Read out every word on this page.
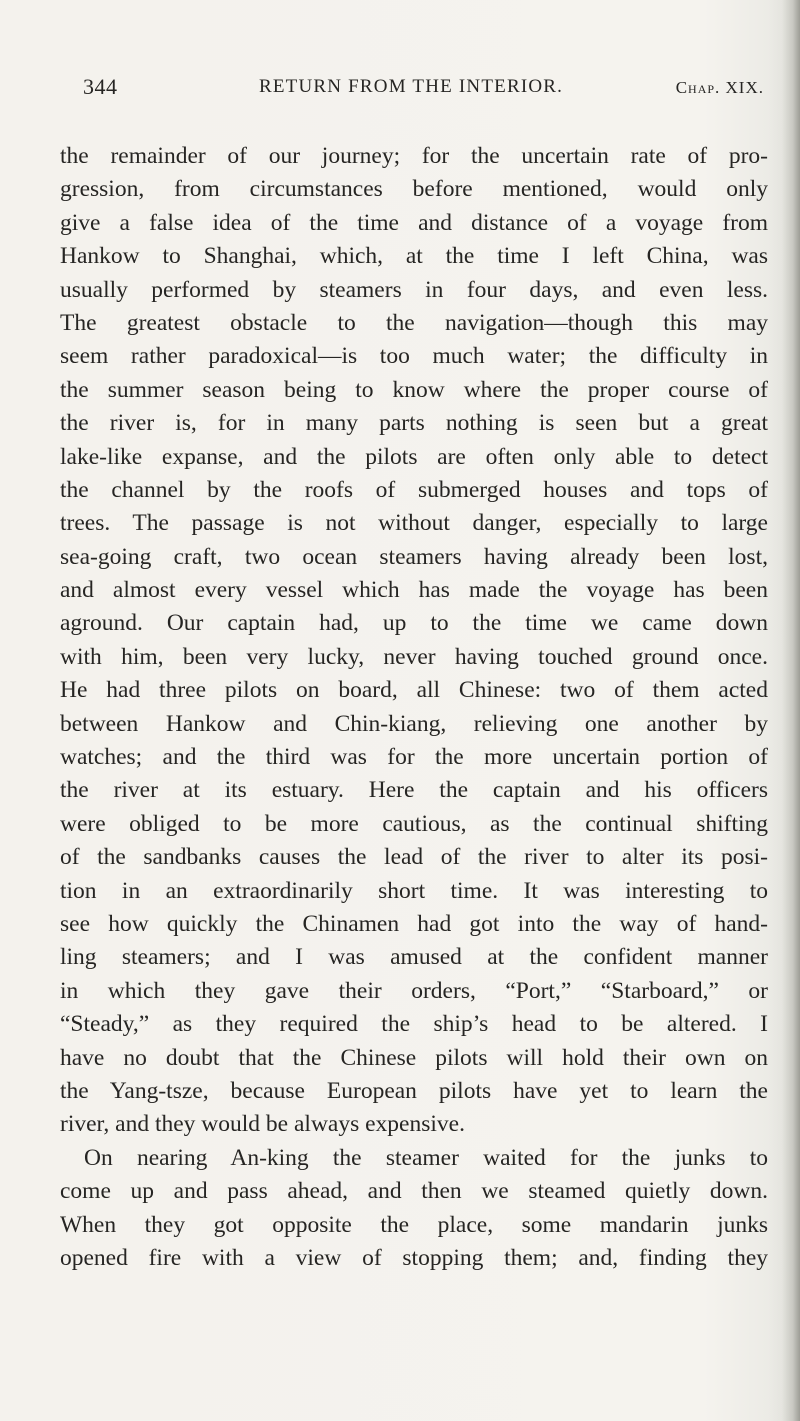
344	RETURN FROM THE INTERIOR.	Chap. XIX.
the remainder of our journey; for the uncertain rate of pro-
gression, from circumstances before mentioned, would only
give a false idea of the time and distance of a voyage from
Hankow to Shanghai, which, at the time I left China, was
usually performed by steamers in four days, and even less.
The greatest obstacle to the navigation—though this may
seem rather paradoxical—is too much water; the difficulty in
the summer season being to know where the proper course of
the river is, for in many parts nothing is seen but a great
lake-like expanse, and the pilots are often only able to detect
the channel by the roofs of submerged houses and tops of
trees. The passage is not without danger, especially to large
sea-going craft, two ocean steamers having already been lost,
and almost every vessel which has made the voyage has been
aground. Our captain had, up to the time we came down
with him, been very lucky, never having touched ground once.
He had three pilots on board, all Chinese: two of them acted
between Hankow and Chin-kiang, relieving one another by
watches; and the third was for the more uncertain portion of
the river at its estuary. Here the captain and his officers
were obliged to be more cautious, as the continual shifting
of the sandbanks causes the lead of the river to alter its posi-
tion in an extraordinarily short time. It was interesting to
see how quickly the Chinamen had got into the way of hand-
ling steamers; and I was amused at the confident manner
in which they gave their orders, “Port,” “Starboard,” or
“Steady,” as they required the ship’s head to be altered. I
have no doubt that the Chinese pilots will hold their own on
the Yang-tsze, because European pilots have yet to learn the
river, and they would be always expensive.
On nearing An-king the steamer waited for the junks to
come up and pass ahead, and then we steamed quietly down.
When they got opposite the place, some mandarin junks
opened fire with a view of stopping them; and, finding they
